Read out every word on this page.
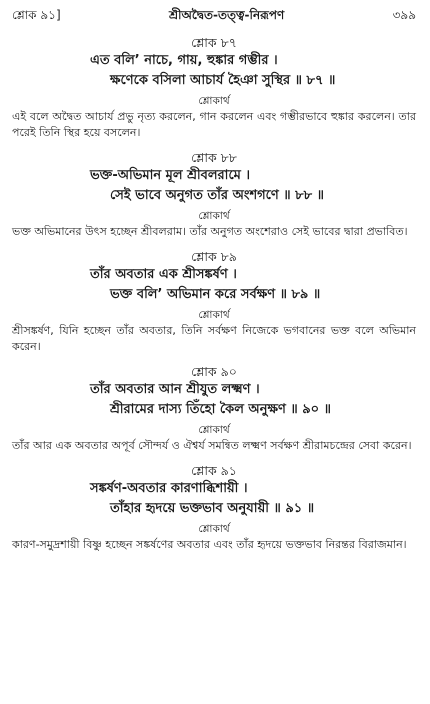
শ্লোক ৯১]	শ্রীঅদ্বৈত-তত্ত্ব-নিরূপণ	৩৯৯
শ্লোক ৮৭
এত বলি’ নাচে, গায়, হুঙ্কার গম্ভীর ।
ক্ষণেকে বসিলা আচার্য হৈঞা সুস্থির ॥ ৮৭ ॥
শ্লোকার্থ

এই বলে অদ্বৈত আচার্য প্রভু নৃত্য করলেন, গান করলেন এবং গম্ভীরভাবে হুঙ্কার করলেন। তার পরেই তিনি স্থির হয়ে বসলেন।

শ্লোক ৮৮
ভক্ত-অভিমান মূল শ্রীবলরামে ।
সেই ভাবে অনুগত তাঁর অংশগণে ॥ ৮৮ ॥
শ্লোকার্থ

ভক্ত অভিমানের উৎস হচ্ছেন শ্রীবলরাম। তাঁর অনুগত অংশেরাও সেই ভাবের দ্বারা প্রভাবিত।

শ্লোক ৮৯
তাঁর অবতার এক শ্রীসঙ্কর্ষণ ।
ভক্ত বলি’ অভিমান করে সর্বক্ষণ ॥ ৮৯ ॥
শ্লোকার্থ

শ্রীসঙ্কর্ষণ, যিনি হচ্ছেন তাঁর অবতার, তিনি সর্বক্ষণ নিজেকে ভগবানের ভক্ত বলে অভিমান করেন।

শ্লোক ৯০
তাঁর অবতার আন শ্রীযুত লক্ষ্মণ ।
শ্রীরামের দাস্য তিঁহো কৈল অনুক্ষণ ॥ ৯০ ॥
শ্লোকার্থ

তাঁর আর এক অবতার অপূর্ব সৌন্দর্য ও ঐশ্বর্য সমন্বিত লক্ষ্মণ সর্বক্ষণ শ্রীরামচন্দ্রের সেবা করেন।

শ্লোক ৯১
সঙ্কর্ষণ-অবতার কারণাব্ধিশায়ী ।
তাঁহার হৃদয়ে ভক্তভাব অনুযায়ী ॥ ৯১ ॥
শ্লোকার্থ

কারণ-সমুদ্রশায়ী বিষ্ণু হচ্ছেন সঙ্কর্ষণের অবতার এবং তাঁর হৃদয়ে ভক্তভাব নিরন্তর বিরাজমান।
